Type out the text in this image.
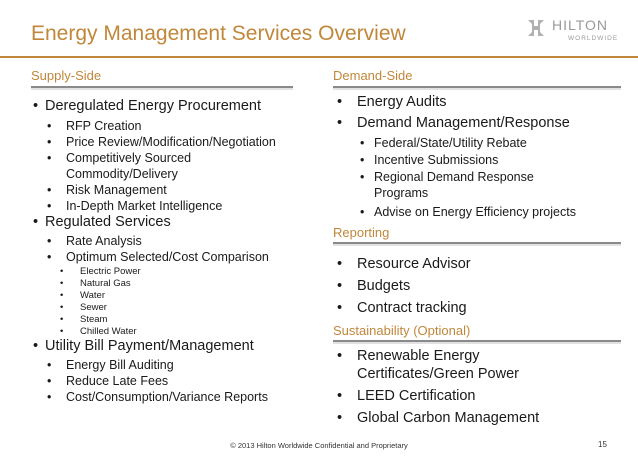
Energy Management Services Overview	HILTON
WORLDWIDE
Supply-Side
• Deregulated Energy Procurement
• RFP Creation
• Price Review/Modification/Negotiation
• Competitively Sourced
Commodity/Delivery
• Risk Management
• In-Depth Market Intelligence
• Regulated Services
• Rate Analysis
• Optimum Selected/Cost Comparison
• Electric Power
• Natural Gas
• Water
• Sewer
• Steam
• Chilled Water
• Utility Bill Payment/Management
• Energy Bill Auditing
• Reduce Late Fees
• Cost/Consumption/Variance Reports
Demand-Side
Reporting
Sustainability (Optional)
• Energy Audits
• Demand Management/Response
• Federal/State/Utility Rebate
• Incentive Submissions
• Regional Demand Response
Programs
• Advise on Energy Efficiency projects
• Resource Advisor
• Budgets
• Contract tracking
• Renewable Energy
Certificates/Green Power
• LEED Certification
• Global Carbon Management
© 2013 Hilton Worldwide Confidential and Proprietary	15
